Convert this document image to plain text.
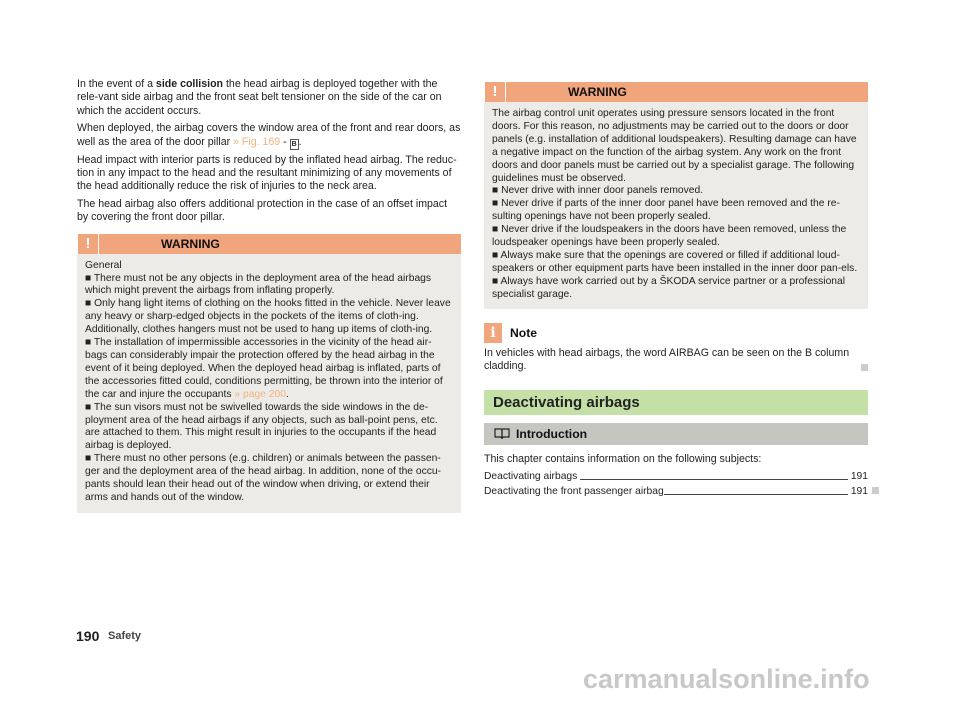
In the event of a side collision the head airbag is deployed together with the rele-vant side airbag and the front seat belt tensioner on the side of the car on which the accident occurs.

When deployed, the airbag covers the window area of the front and rear doors, as well as the area of the door pillar » Fig. 169 - B .

Head impact with interior parts is reduced by the inflated head airbag. The reduc-tion in any impact to the head and the resultant minimizing of any movements of the head additionally reduce the risk of injuries to the neck area.

The head airbag also offers additional protection in the case of an offset impact by covering the front door pillar.

!	WARNING

General

■ There must not be any objects in the deployment area of the head airbags which might prevent the airbags from inflating properly.

■ Only hang light items of clothing on the hooks fitted in the vehicle. Never leave any heavy or sharp-edged objects in the pockets of the items of cloth-ing. Additionally, clothes hangers must not be used to hang up items of cloth-ing.

■ The installation of impermissible accessories in the vicinity of the head air-bags can considerably impair the protection offered by the head airbag in the event of it being deployed. When the deployed head airbag is inflated, parts of the accessories fitted could, conditions permitting, be thrown into the interior of the car and injure the occupants » page 200.

■ The sun visors must not be swivelled towards the side windows in the de-ployment area of the head airbags if any objects, such as ball-point pens, etc. are attached to them. This might result in injuries to the occupants if the head airbag is deployed.

■ There must no other persons (e.g. children) or animals between the passen-ger and the deployment area of the head airbag. In addition, none of the occu-pants should lean their head out of the window when driving, or extend their arms and hands out of the window.

!	WARNING

The airbag control unit operates using pressure sensors located in the front doors. For this reason, no adjustments may be carried out to the doors or door panels (e.g. installation of additional loudspeakers). Resulting damage can have a negative impact on the function of the airbag system. Any work on the front doors and door panels must be carried out by a specialist garage. The following guidelines must be observed.

■ Never drive with inner door panels removed.

■ Never drive if parts of the inner door panel have been removed and the re-sulting openings have not been properly sealed.

■ Never drive if the loudspeakers in the doors have been removed, unless the loudspeaker openings have been properly sealed.

■ Always make sure that the openings are covered or filled if additional loud-speakers or other equipment parts have been installed in the inner door pan-els.

■ Always have work carried out by a ŠKODA service partner or a professional specialist garage.

i	Note

In vehicles with head airbags, the word AIRBAG can be seen on the B column cladding.

Deactivating airbags
Introduction

This chapter contains information on the following subjects:

Deactivating airbags	191
Deactivating the front passenger airbag	191
190 Safety
carmanualsonline.info
